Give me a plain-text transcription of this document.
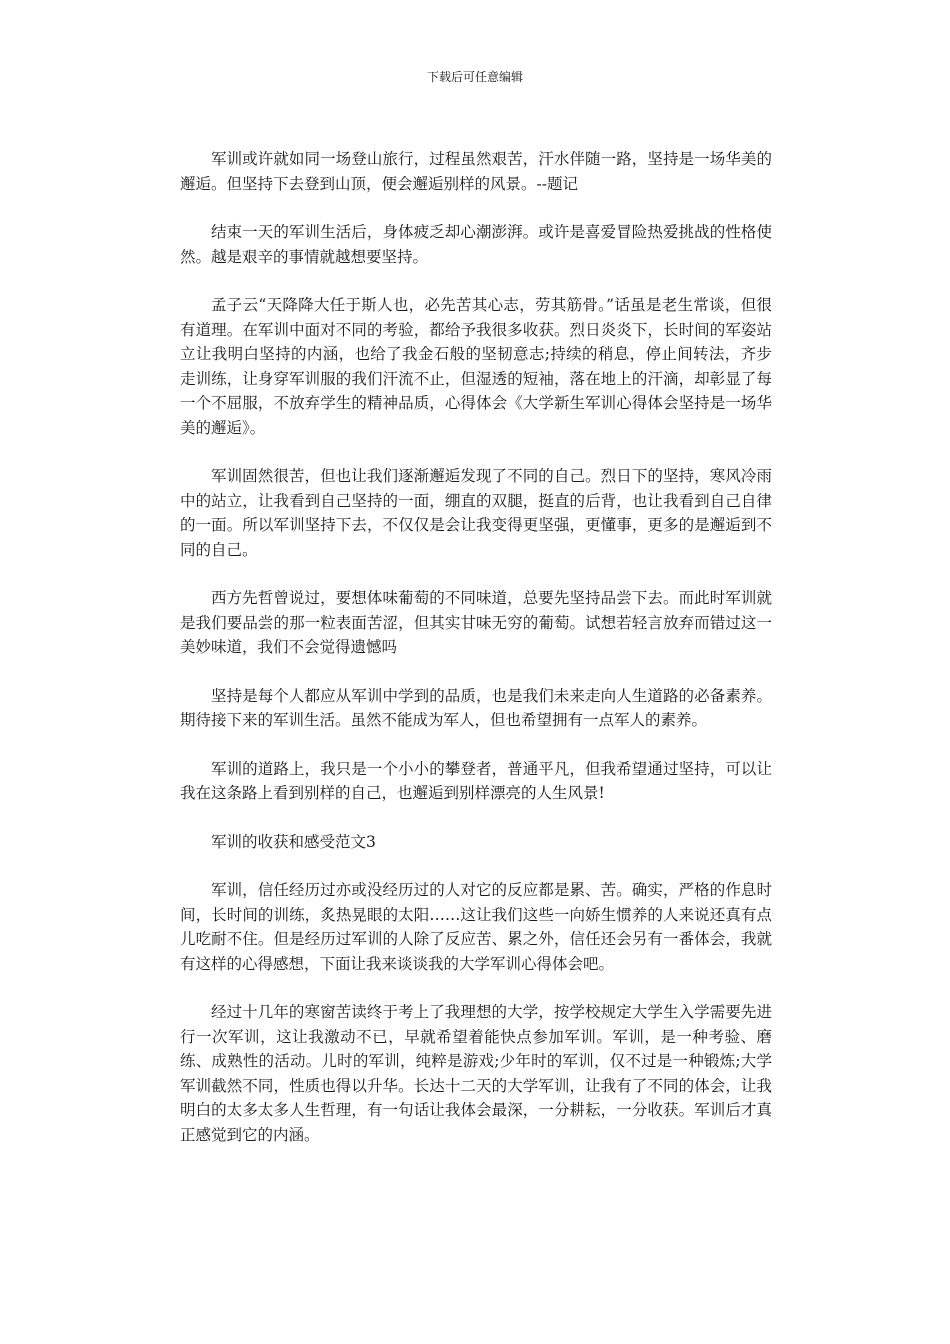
下载后可任意编辑

军训或许就如同一场登山旅行，过程虽然艰苦，汗水伴随一路，坚持是一场华美的邂逅。但坚持下去登到山顶，便会邂逅别样的风景。--题记

结束一天的军训生活后，身体疲乏却心潮澎湃。或许是喜爱冒险热爱挑战的性格使然。越是艰辛的事情就越想要坚持。

孟子云“天降降大任于斯人也，必先苦其心志，劳其筋骨。”话虽是老生常谈，但很有道理。在军训中面对不同的考验，都给予我很多收获。烈日炎炎下，长时间的军姿站立让我明白坚持的内涵，也给了我金石般的坚韧意志;持续的稍息，停止间转法，齐步走训练，让身穿军训服的我们汗流不止，但湿透的短袖，落在地上的汗滴，却彰显了每一个不屈服，不放弃学生的精神品质，心得体会《大学新生军训心得体会坚持是一场华美的邂逅》。

军训固然很苦，但也让我们逐渐邂逅发现了不同的自己。烈日下的坚持，寒风冷雨中的站立，让我看到自己坚持的一面，绷直的双腿，挺直的后背，也让我看到自己自律的一面。所以军训坚持下去，不仅仅是会让我变得更坚强，更懂事，更多的是邂逅到不同的自己。

西方先哲曾说过，要想体味葡萄的不同味道，总要先坚持品尝下去。而此时军训就是我们要品尝的那一粒表面苦涩，但其实甘味无穷的葡萄。试想若轻言放弃而错过这一美妙味道，我们不会觉得遗憾吗

坚持是每个人都应从军训中学到的品质，也是我们未来走向人生道路的必备素养。期待接下来的军训生活。虽然不能成为军人，但也希望拥有一点军人的素养。

军训的道路上，我只是一个小小的攀登者，普通平凡，但我希望通过坚持，可以让我在这条路上看到别样的自己，也邂逅到别样漂亮的人生风景!

军训的收获和感受范文3

军训，信任经历过亦或没经历过的人对它的反应都是累、苦。确实，严格的作息时间，长时间的训练，炙热晃眼的太阳……这让我们这些一向娇生惯养的人来说还真有点儿吃耐不住。但是经历过军训的人除了反应苦、累之外，信任还会另有一番体会，我就有这样的心得感想，下面让我来谈谈我的大学军训心得体会吧。

经过十几年的寒窗苦读终于考上了我理想的大学，按学校规定大学生入学需要先进行一次军训，这让我激动不已，早就希望着能快点参加军训。军训，是一种考验、磨练、成熟性的活动。儿时的军训，纯粹是游戏;少年时的军训，仅不过是一种锻炼;大学军训截然不同，性质也得以升华。长达十二天的大学军训，让我有了不同的体会，让我明白的太多太多人生哲理，有一句话让我体会最深，一分耕耘，一分收获。军训后才真正感觉到它的内涵。
